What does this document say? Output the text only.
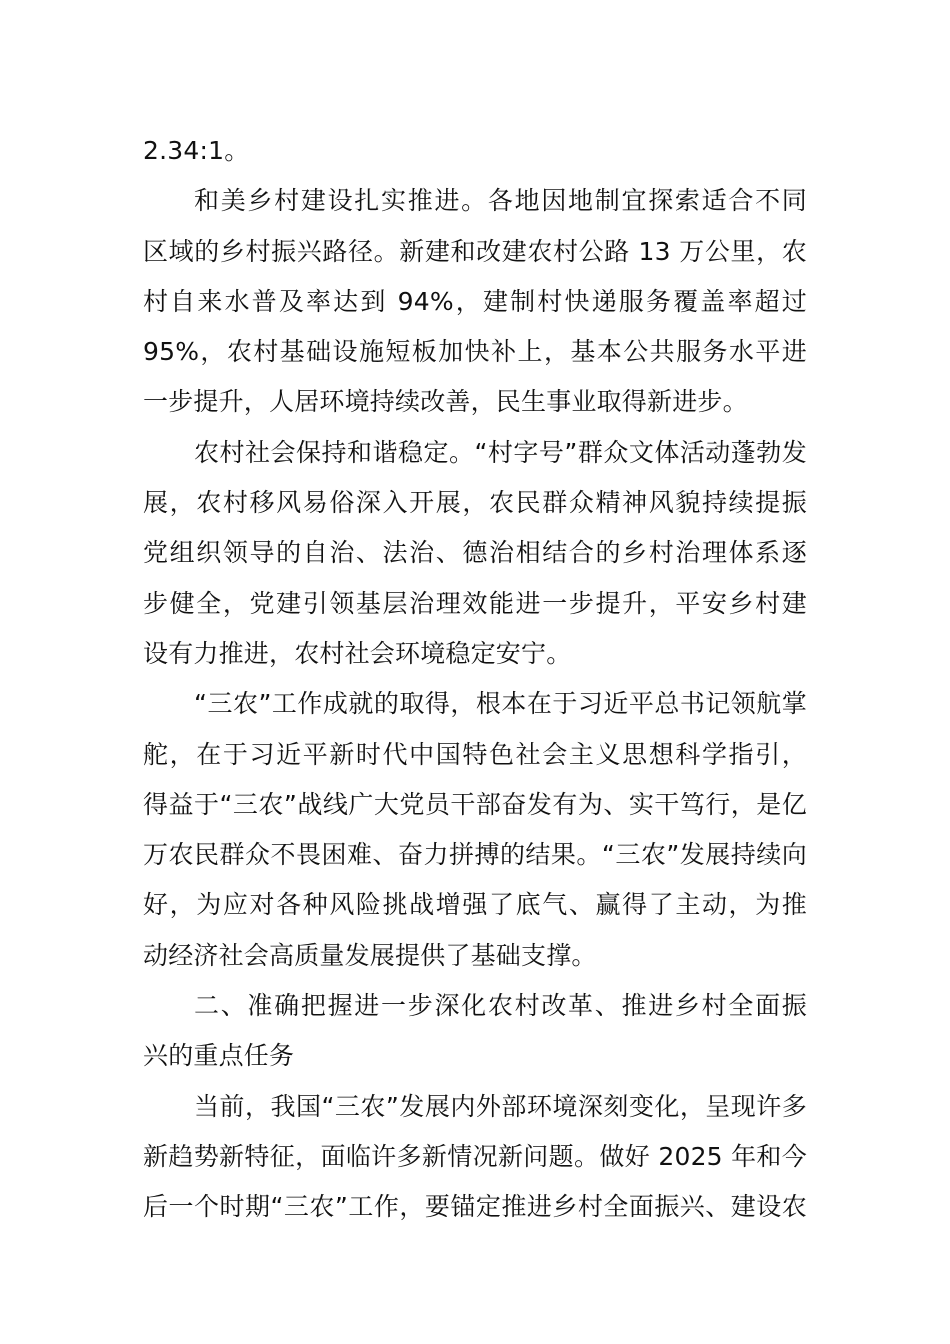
2.34:1。
和美乡村建设扎实推进。各地因地制宜探索适合不同
区域的乡村振兴路径。新建和改建农村公路 13 万公里，农
村自来水普及率达到 94%，建制村快递服务覆盖率超过
95%，农村基础设施短板加快补上，基本公共服务水平进
一步提升，人居环境持续改善，民生事业取得新进步。
农村社会保持和谐稳定。“村字号”群众文体活动蓬勃发
展，农村移风易俗深入开展，农民群众精神风貌持续提振
党组织领导的自治、法治、德治相结合的乡村治理体系逐
步健全，党建引领基层治理效能进一步提升，平安乡村建
设有力推进，农村社会环境稳定安宁。
“三农”工作成就的取得，根本在于习近平总书记领航掌
舵，在于习近平新时代中国特色社会主义思想科学指引，
得益于“三农”战线广大党员干部奋发有为、实干笃行，是亿
万农民群众不畏困难、奋力拼搏的结果。“三农”发展持续向
好，为应对各种风险挑战增强了底气、赢得了主动，为推
动经济社会高质量发展提供了基础支撑。
二、准确把握进一步深化农村改革、推进乡村全面振
兴的重点任务
当前，我国“三农”发展内外部环境深刻变化，呈现许多
新趋势新特征，面临许多新情况新问题。做好 2025 年和今
后一个时期“三农”工作，要锚定推进乡村全面振兴、建设农
